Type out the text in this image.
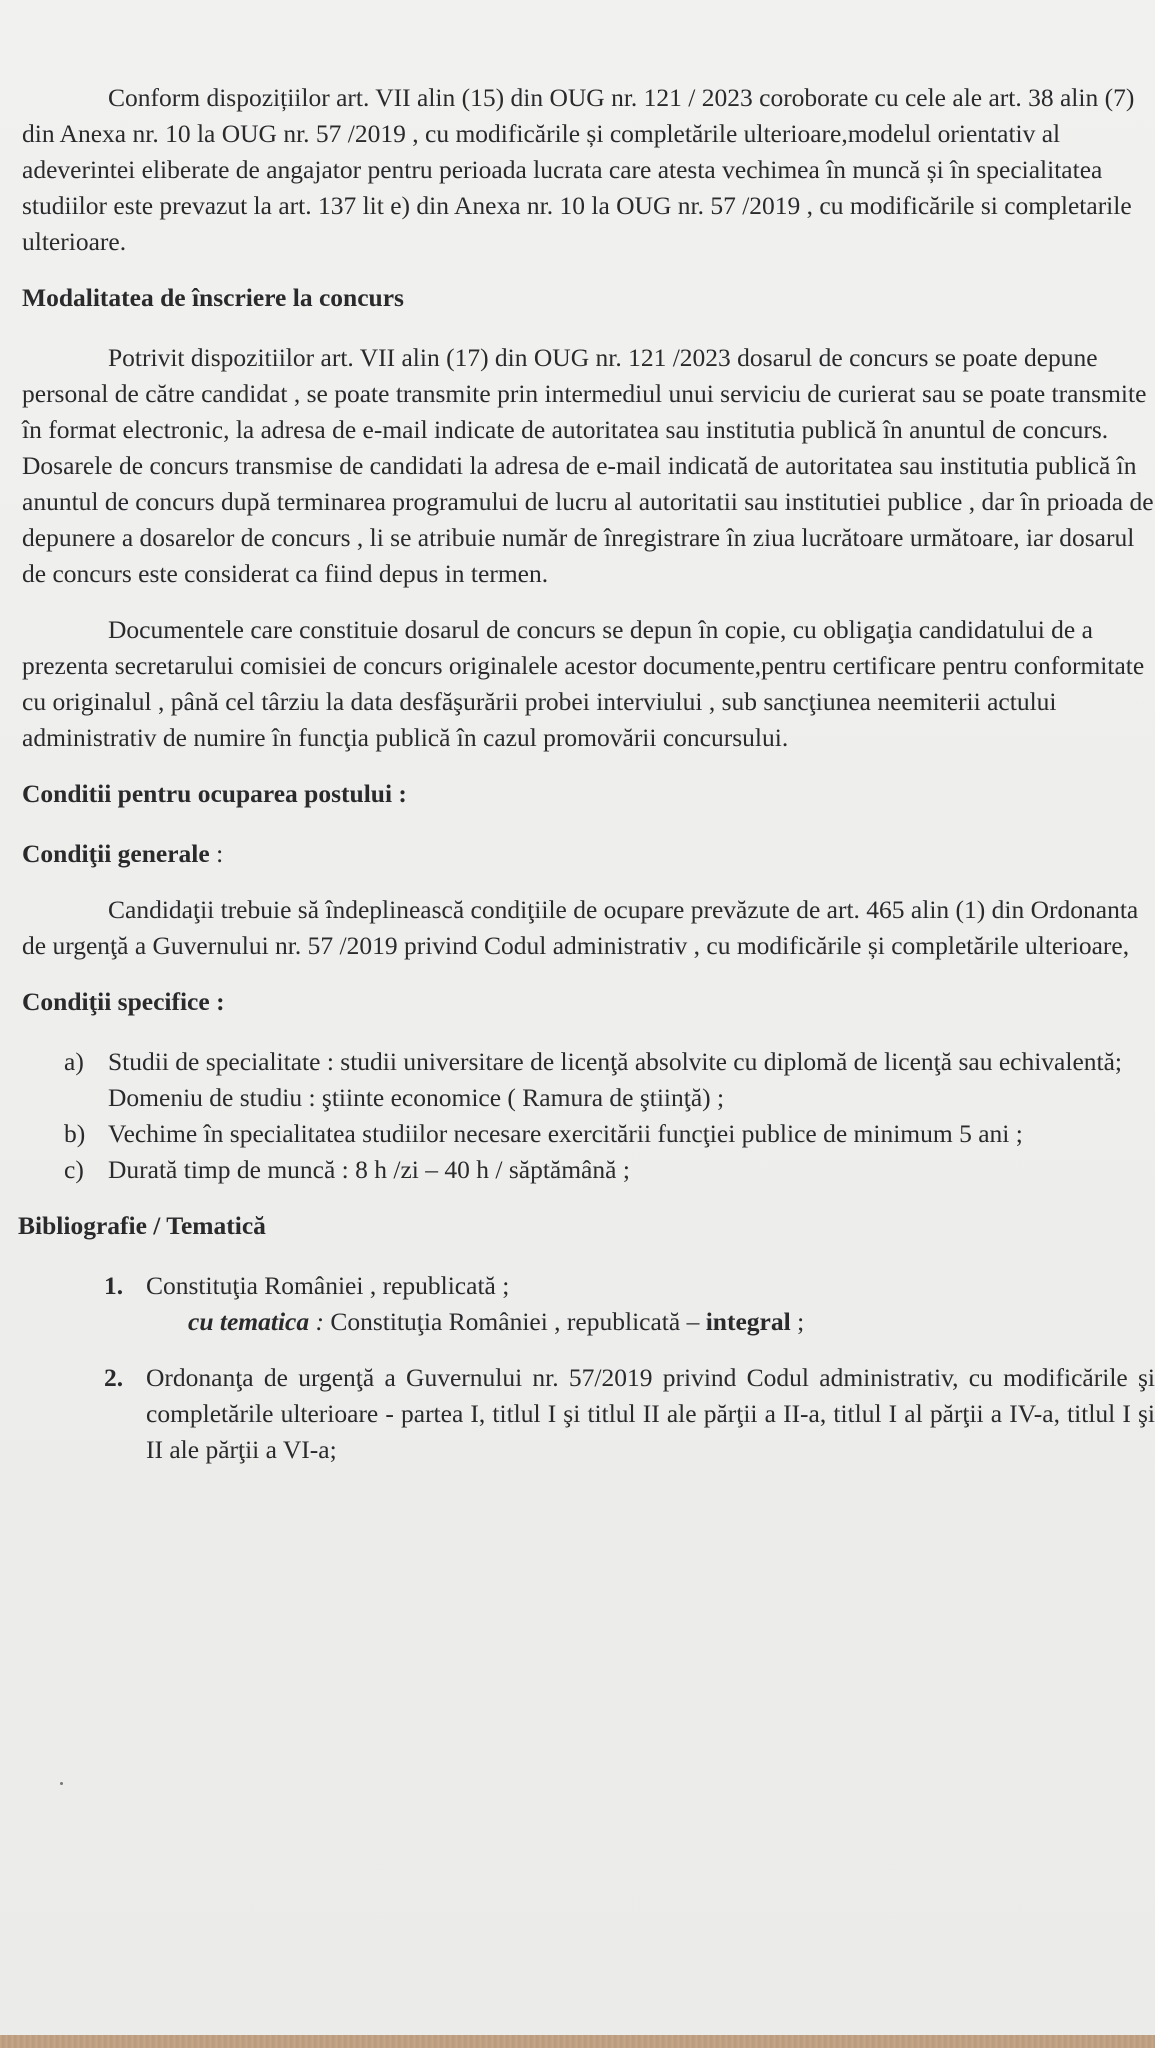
Conform dispozițiilor art. VII alin (15) din OUG nr. 121 / 2023 coroborate cu cele ale art. 38 alin (7) din Anexa nr. 10 la OUG nr. 57 /2019 , cu modificările și completările ulterioare,modelul orientativ al adeverintei eliberate de angajator pentru perioada lucrata care atesta vechimea în muncă și în specialitatea studiilor este prevazut la art. 137 lit e) din Anexa nr. 10 la OUG nr. 57 /2019 , cu modificările si completarile ulterioare.

Modalitatea de înscriere la concurs

Potrivit dispozitiilor art. VII alin (17) din OUG nr. 121 /2023 dosarul de concurs se poate depune personal de către candidat , se poate transmite prin intermediul unui serviciu de curierat sau se poate transmite în format electronic, la adresa de e-mail indicate de autoritatea sau institutia publică în anuntul de concurs. Dosarele de concurs transmise de candidati la adresa de e-mail indicată de autoritatea sau institutia publică în anuntul de concurs după terminarea programului de lucru al autoritatii sau institutiei publice , dar în prioada de depunere a dosarelor de concurs , li se atribuie număr de înregistrare în ziua lucrătoare următoare, iar dosarul de concurs este considerat ca fiind depus in termen.

Documentele care constituie dosarul de concurs se depun în copie, cu obligaţia candidatului de a prezenta secretarului comisiei de concurs originalele acestor documente,pentru certificare pentru conformitate cu originalul , până cel târziu la data desfăşurării probei interviului , sub sancţiunea neemiterii actului administrativ de numire în funcţia publică în cazul promovării concursului.

Conditii pentru ocuparea postului :

Condiţii generale :

Candidaţii trebuie să îndeplinească condiţiile de ocupare prevăzute de art. 465 alin (1) din Ordonanta de urgenţă a Guvernului nr. 57 /2019 privind Codul administrativ , cu modificările și completările ulterioare,

Condiţii specifice :

a) Studii de specialitate : studii universitare de licenţă absolvite cu diplomă de licenţă sau echivalentă;
Domeniu de studiu : ştiinte economice ( Ramura de ştiinţă) ;
b) Vechime în specialitatea studiilor necesare exercitării funcţiei publice de minimum 5 ani ;
c) Durată timp de muncă : 8 h /zi – 40 h / săptămână ;

Bibliografie / Tematică

1. Constituţia României , republicată ;

cu tematica : Constituţia României , republicată – integral ;

2. Ordonanţa de urgenţă a Guvernului nr. 57/2019 privind Codul administrativ, cu modificările şi completările ulterioare - partea I, titlul I şi titlul II ale părţii a II-a, titlul I al părţii a IV-a, titlul I şi II ale părţii a VI-a;
